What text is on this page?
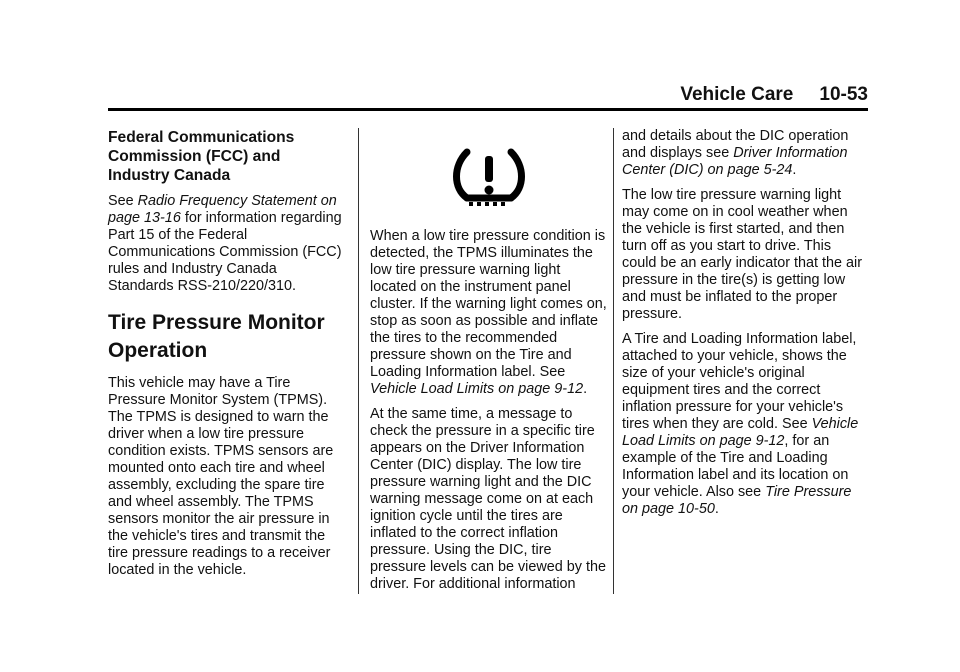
Vehicle Care 10-53
Federal Communications Commission (FCC) and Industry Canada

See Radio Frequency Statement on page 13-16 for information regarding Part 15 of the Federal Communications Commission (FCC) rules and Industry Canada Standards RSS-210/220/310.

Tire Pressure Monitor Operation

This vehicle may have a Tire Pressure Monitor System (TPMS). The TPMS is designed to warn the driver when a low tire pressure condition exists. TPMS sensors are mounted onto each tire and wheel assembly, excluding the spare tire and wheel assembly. The TPMS sensors monitor the air pressure in the vehicle's tires and transmit the tire pressure readings to a receiver located in the vehicle.

When a low tire pressure condition is detected, the TPMS illuminates the low tire pressure warning light located on the instrument panel cluster. If the warning light comes on, stop as soon as possible and inflate the tires to the recommended pressure shown on the Tire and Loading Information label. See Vehicle Load Limits on page 9-12.

At the same time, a message to check the pressure in a specific tire appears on the Driver Information Center (DIC) display. The low tire pressure warning light and the DIC warning message come on at each ignition cycle until the tires are inflated to the correct inflation pressure. Using the DIC, tire pressure levels can be viewed by the driver. For additional information

and details about the DIC operation and displays see Driver Information Center (DIC) on page 5-24.

The low tire pressure warning light may come on in cool weather when the vehicle is first started, and then turn off as you start to drive. This could be an early indicator that the air pressure in the tire(s) is getting low and must be inflated to the proper pressure.

A Tire and Loading Information label, attached to your vehicle, shows the size of your vehicle's original equipment tires and the correct inflation pressure for your vehicle's tires when they are cold. See Vehicle Load Limits on page 9-12, for an example of the Tire and Loading Information label and its location on your vehicle. Also see Tire Pressure on page 10-50.
